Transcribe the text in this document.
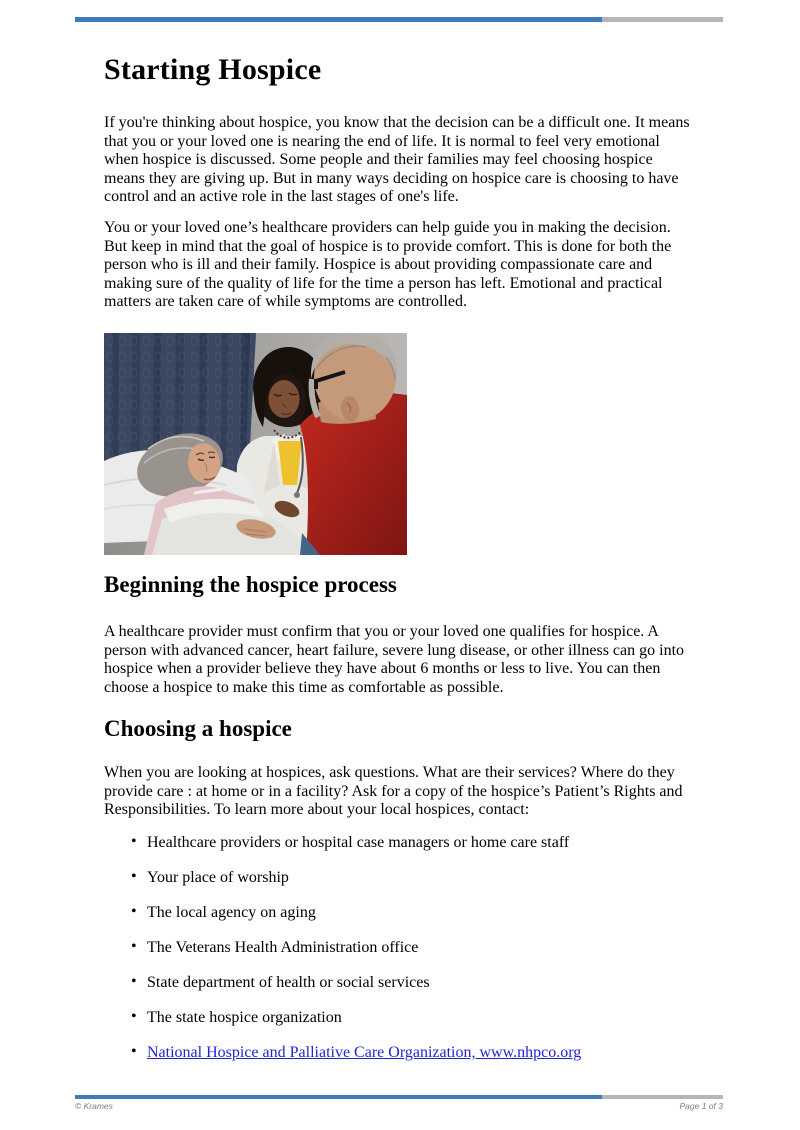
Starting Hospice

If you're thinking about hospice, you know that the decision can be a difficult one. It means that you or your loved one is nearing the end of life. It is normal to feel very emotional when hospice is discussed. Some people and their families may feel choosing hospice means they are giving up. But in many ways deciding on hospice care is choosing to have control and an active role in the last stages of one's life.

You or your loved one’s healthcare providers can help guide you in making the decision. But keep in mind that the goal of hospice is to provide comfort. This is done for both the person who is ill and their family. Hospice is about providing compassionate care and making sure of the quality of life for the time a person has left. Emotional and practical matters are taken care of while symptoms are controlled.

Beginning the hospice process

A healthcare provider must confirm that you or your loved one qualifies for hospice. A person with advanced cancer, heart failure, severe lung disease, or other illness can go into hospice when a provider believe they have about 6 months or less to live. You can then choose a hospice to make this time as comfortable as possible.

Choosing a hospice

When you are looking at hospices, ask questions. What are their services? Where do they provide care : at home or in a facility? Ask for a copy of the hospice’s Patient’s Rights and Responsibilities. To learn more about your local hospices, contact:

• Healthcare providers or hospital case managers or home care staff
• Your place of worship
• The local agency on aging
• The Veterans Health Administration office
• State department of health or social services
• The state hospice organization
• National Hospice and Palliative Care Organization, www.nhpco.org
© Krames	Page 1 of 3
